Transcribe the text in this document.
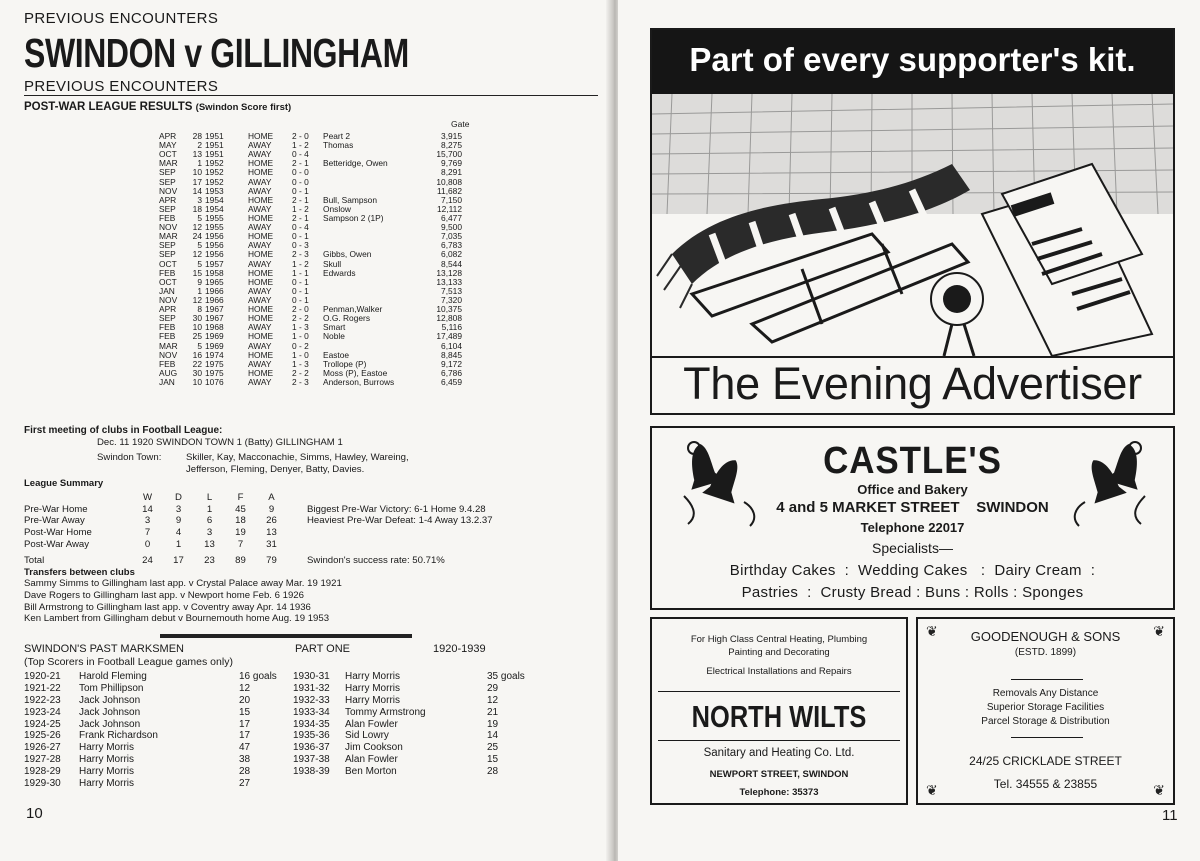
PREVIOUS ENCOUNTERS
SWINDON v GILLINGHAM
PREVIOUS ENCOUNTERS
POST-WAR LEAGUE RESULTS (Swindon Score first)
Gate
APR	28 1951	HOME	2 - 0	Peart 2	3,915
MAY	2 1951	AWAY	1 - 2	Thomas	8,275
OCT	13 1951	AWAY	0 - 4	15,700
MAR	1 1952	HOME	2 - 1	Betteridge, Owen	9,769
SEP	10 1952	HOME	0 - 0	8,291
SEP	17 1952	AWAY	0 - 0	10,808
NOV	14 1953	AWAY	0 - 1	11,682
APR	3 1954	HOME	2 - 1	Bull, Sampson	7,150
SEP	18 1954	AWAY	1 - 2	Onslow	12,112
FEB	5 1955	HOME	2 - 1	Sampson 2 (1P)	6,477
NOV	12 1955	AWAY	0 - 4	9,500
MAR	24 1956	HOME	0 - 1	7,035
SEP	5 1956	AWAY	0 - 3	6,783
SEP	12 1956	HOME	2 - 3	Gibbs, Owen	6,082
OCT	5 1957	AWAY	1 - 2	Skull	8,544
FEB	15 1958	HOME	1 - 1	Edwards	13,128
OCT	9 1965	HOME	0 - 1	13,133
JAN	1 1966	AWAY	0 - 1	7,513
NOV	12 1966	AWAY	0 - 1	7,320
APR	8 1967	HOME	2 - 0	Penman,Walker	10,375
SEP	30 1967	HOME	2 - 2	O.G. Rogers	12,808
FEB	10 1968	AWAY	1 - 3	Smart	5,116
FEB	25 1969	HOME	1 - 0	Noble	17,489
MAR	5 1969	AWAY	0 - 2	6,104
NOV	16 1974	HOME	1 - 0	Eastoe	8,845
FEB	22 1975	AWAY	1 - 3	Trollope (P)	9,172
AUG	30 1975	HOME	2 - 2	Moss (P), Eastoe	6,786
JAN	10 1076	AWAY	2 - 3	Anderson, Burrows	6,459
First meeting of clubs in Football League:
Dec. 11 1920 SWINDON TOWN 1 (Batty) GILLINGHAM 1
Swindon Town:	Skiller, Kay, Macconachie, Simms, Hawley, Wareing,
Jefferson, Fleming, Denyer, Batty, Davies.
League Summary
W	D	L	F	A
Pre-War Home	14	3	1	45	9	Biggest Pre-War Victory: 6-1 Home 9.4.28
Pre-War Away	3	9	6	18	26	Heaviest Pre-War Defeat: 1-4 Away 13.2.37
Post-War Home	7	4	3	19	13
Post-War Away	0	1	13	7	31
Total	24	17	23	89	79	Swindon's success rate: 50.71%
Transfers between clubs
Sammy Simms to Gillingham last app. v Crystal Palace away Mar. 19 1921
Dave Rogers to Gillingham last app. v Newport home Feb. 6 1926
Bill Armstrong to Gillingham last app. v Coventry away Apr. 14 1936
Ken Lambert from Gillingham debut v Bournemouth home Aug. 19 1953
SWINDON'S PAST MARKSMEN	PART ONE	1920-1939
(Top Scorers in Football League games only)
1920-21	Harold Fleming	16 goals
1921-22	Tom Phillipson	12
1922-23	Jack Johnson	20
1923-24	Jack Johnson	15
1924-25	Jack Johnson	17
1925-26	Frank Richardson	17
1926-27	Harry Morris	47
1927-28	Harry Morris	38
1928-29	Harry Morris	28
1929-30	Harry Morris	27
1930-31	Harry Morris	35 goals
1931-32	Harry Morris	29
1932-33	Harry Morris	12
1933-34	Tommy Armstrong	21
1934-35	Alan Fowler	19
1935-36	Sid Lowry	14
1936-37	Jim Cookson	25
1937-38	Alan Fowler	15
1938-39	Ben Morton	28
10
Part of every supporter's kit.
The Evening Advertiser
CASTLE'S
Office and Bakery
4 and 5 MARKET STREET    SWINDON
Telephone 22017
Specialists—
Birthday Cakes  :  Wedding Cakes   :  Dairy Cream  :
Pastries  :  Crusty Bread : Buns : Rolls : Sponges
For High Class Central Heating, Plumbing
Painting and Decorating
Electrical Installations and Repairs
NORTH WILTS
Sanitary and Heating Co. Ltd.
NEWPORT STREET, SWINDON
Telephone: 35373
❦	❦
❦	❦
GOODENOUGH & SONS
(ESTD. 1899)
Removals Any Distance
Superior Storage Facilities
Parcel Storage & Distribution
24/25 CRICKLADE STREET
Tel. 34555 & 23855
11
